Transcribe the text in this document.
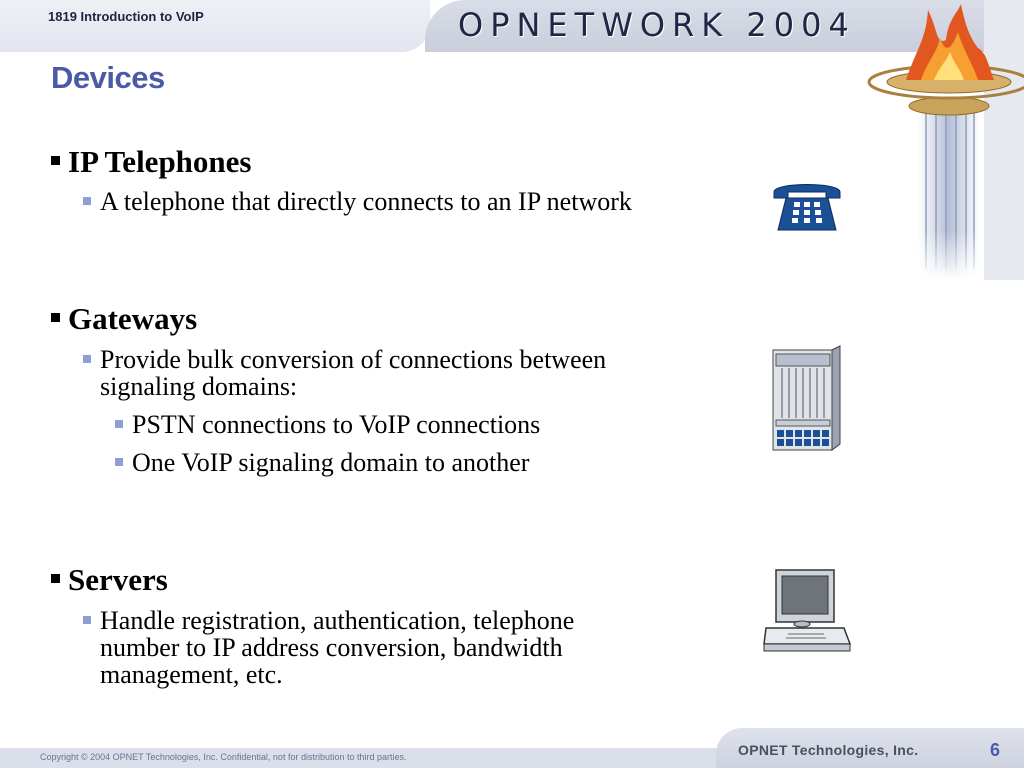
1819 Introduction to VoIP	OPNETWORK 2004
Devices
IP Telephones
A telephone that directly connects to an IP network
Gateways
Provide bulk conversion of connections between signaling domains:
PSTN connections to VoIP connections
One VoIP signaling domain to another
Servers
Handle registration, authentication, telephone number to IP address conversion, bandwidth management, etc.
Copyright © 2004 OPNET Technologies, Inc. Confidential, not for distribution to third parties.	OPNET Technologies, Inc.	6
